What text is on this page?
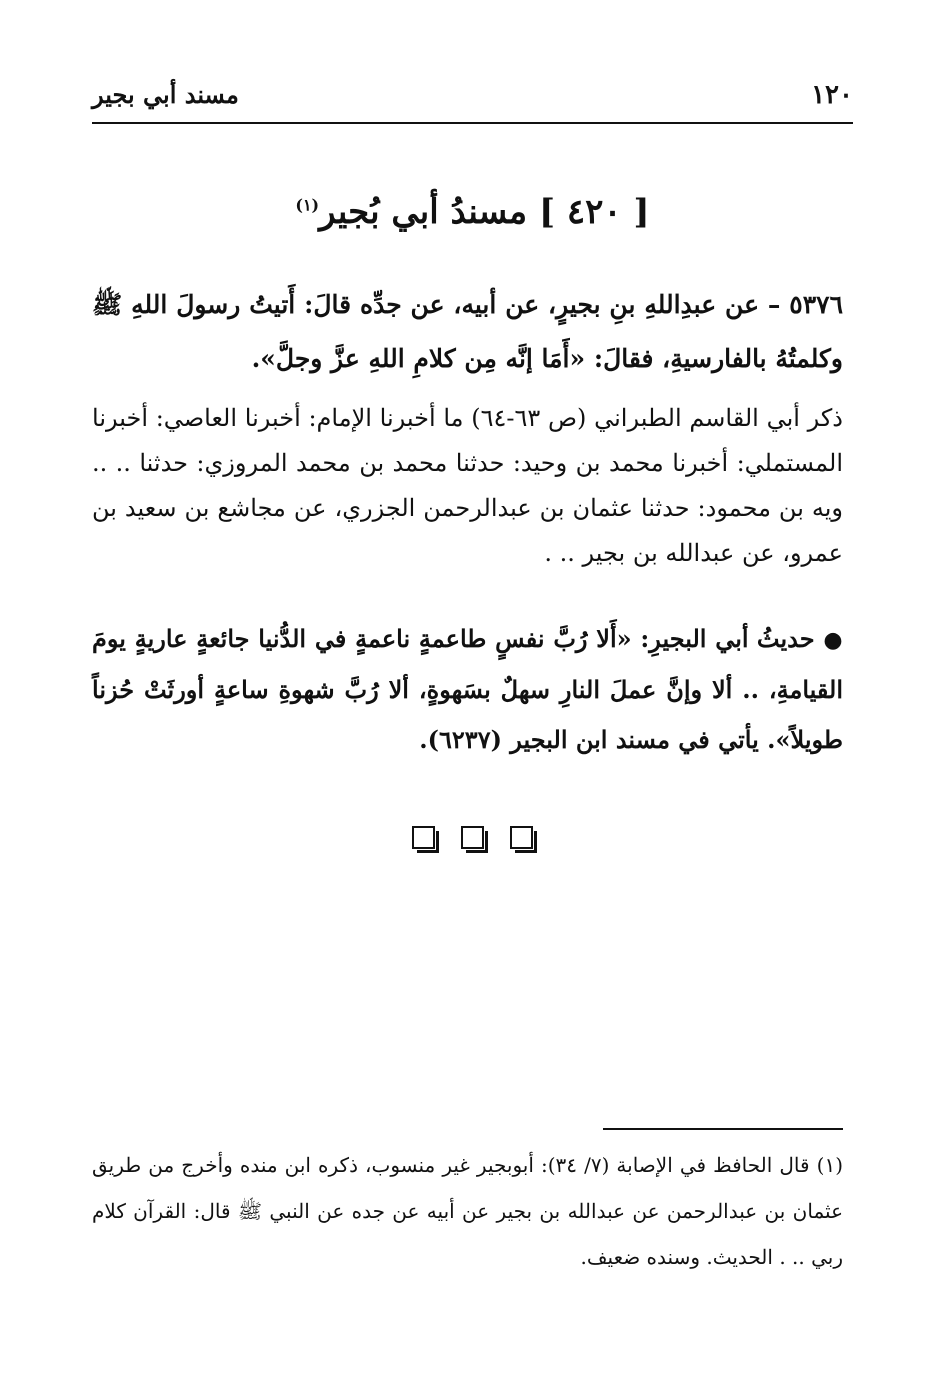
١٢٠
مسند أبي بجير
[ ٤٢٠ ] مسندُ أبي بُجير$^{(١)}$
٥٣٧٦ – عن عبدِاللهِ بنِ بجيرٍ، عن أبيه، عن جدِّه قالَ: أَتيتُ رسولَ اللهِ ﷺ وكلمتُهُ بالفارسيةِ، فقالَ: «أَمَا إنَّه مِن كلامِ اللهِ عزَّ وجلَّ».
ذكر أبي القاسم الطبراني (ص ٦٣-٦٤) ما أخبرنا الإمام: أخبرنا العاصي: أخبرنا المستملي: أخبرنا محمد بن وحيد: حدثنا محمد بن محمد المروزي: حدثنا .. .. ويه بن محمود: حدثنا عثمان بن عبدالرحمن الجزري، عن مجاشع بن سعيد بن عمرو، عن عبدالله بن بجير .. .
● حديثُ أبي البجيرِ: «أَلا رُبَّ نفسٍ طاعمةٍ ناعمةٍ في الدُّنيا جائعةٍ عاريةٍ يومَ القيامةِ، .. ألا وإنَّ عملَ النارِ سهلٌ بسَهوةٍ، ألا رُبَّ شهوةِ ساعةٍ أورثَتْ حُزناً طويلاً». يأتي في مسند ابن البجير (٦٢٣٧).
(١) قال الحافظ في الإصابة (٧/ ٣٤): أبوبجير غير منسوب، ذكره ابن منده وأخرج من طريق عثمان بن عبدالرحمن عن عبدالله بن بجير عن أبيه عن جده عن النبي ﷺ قال: القرآن كلام ربي .. . الحديث. وسنده ضعيف.
